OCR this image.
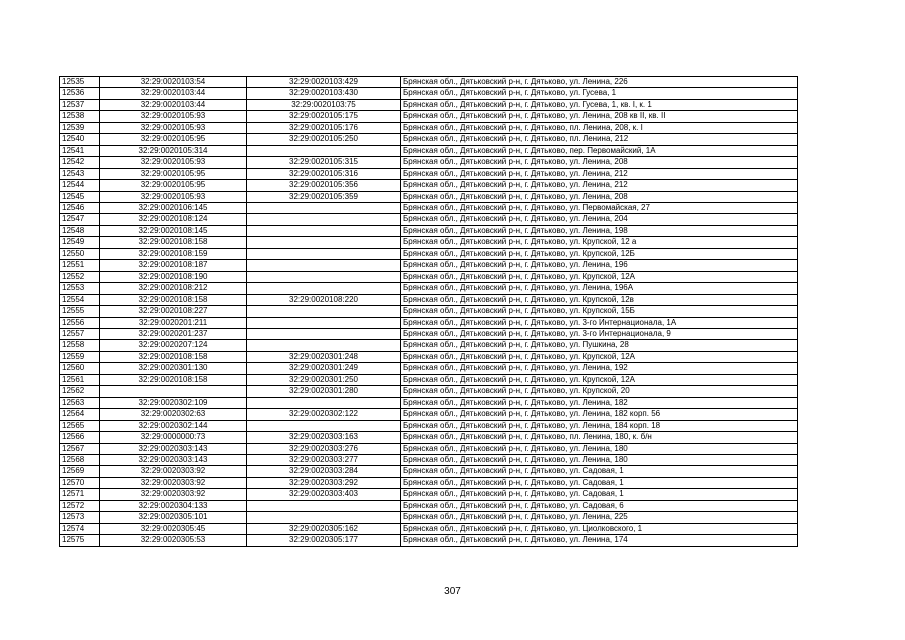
12535	32:29:0020103:54	32:29:0020103:429	Брянская обл., Дятьковский р-н, г. Дятьково, ул. Ленина, 226
12536	32:29:0020103:44	32:29:0020103:430	Брянская обл., Дятьковский р-н, г. Дятьково, ул. Гусева, 1
12537	32:29:0020103:44	32:29:0020103:75	Брянская обл., Дятьковский р-н, г. Дятьково, ул. Гусева, 1, кв. I, к. 1
12538	32:29:0020105:93	32:29:0020105:175	Брянская обл., Дятьковский р-н, г. Дятьково, ул. Ленина, 208 кв II, кв. II
12539	32:29:0020105:93	32:29:0020105:176	Брянская обл., Дятьковский р-н, г. Дятьково, пл. Ленина, 208, к. I
12540	32:29:0020105:95	32:29:0020105:250	Брянская обл., Дятьковский р-н, г. Дятьково, пл. Ленина, 212
12541	32:29:0020105:314		Брянская обл., Дятьковский р-н, г. Дятьково, пер. Первомайский, 1А
12542	32:29:0020105:93	32:29:0020105:315	Брянская обл., Дятьковский р-н, г. Дятьково, ул. Ленина, 208
12543	32:29:0020105:95	32:29:0020105:316	Брянская обл., Дятьковский р-н, г. Дятьково, ул. Ленина, 212
12544	32:29:0020105:95	32:29:0020105:356	Брянская обл., Дятьковский р-н, г. Дятьково, ул. Ленина, 212
12545	32:29:0020105:93	32:29:0020105:359	Брянская обл., Дятьковский р-н, г. Дятьково, ул. Ленина, 208
12546	32:29:0020106:145		Брянская обл., Дятьковский р-н, г. Дятьково, ул. Первомайская, 27
12547	32:29:0020108:124		Брянская обл., Дятьковский р-н, г. Дятьково, ул. Ленина, 204
12548	32:29:0020108:145		Брянская обл., Дятьковский р-н, г. Дятьково, ул. Ленина, 198
12549	32:29:0020108:158		Брянская обл., Дятьковский р-н, г. Дятьково, ул. Крупской, 12 а
12550	32:29:0020108:159		Брянская обл., Дятьковский р-н, г. Дятьково, ул. Крупской, 12Б
12551	32:29:0020108:187		Брянская обл., Дятьковский р-н, г. Дятьково, ул. Ленина, 196
12552	32:29:0020108:190		Брянская обл., Дятьковский р-н, г. Дятьково, ул. Крупской, 12А
12553	32:29:0020108:212		Брянская обл., Дятьковский р-н, г. Дятьково, ул. Ленина, 196А
12554	32:29:0020108:158	32:29:0020108:220	Брянская обл., Дятьковский р-н, г. Дятьково, ул. Крупской, 12в
12555	32:29:0020108:227		Брянская обл., Дятьковский р-н, г. Дятьково, ул. Крупской, 15Б
12556	32:29:0020201:211		Брянская обл., Дятьковский р-н, г. Дятьково, ул. 3-го Интернационала, 1А
12557	32:29:0020201:237		Брянская обл., Дятьковский р-н, г. Дятьково, ул. 3-го Интернационала, 9
12558	32:29:0020207:124		Брянская обл., Дятьковский р-н, г. Дятьково, ул. Пушкина, 28
12559	32:29:0020108:158	32:29:0020301:248	Брянская обл., Дятьковский р-н, г. Дятьково, ул. Крупской, 12А
12560	32:29:0020301:130	32:29:0020301:249	Брянская обл., Дятьковский р-н, г. Дятьково, ул. Ленина, 192
12561	32:29:0020108:158	32:29:0020301:250	Брянская обл., Дятьковский р-н, г. Дятьково, ул. Крупской, 12А
12562		32:29:0020301:280	Брянская обл., Дятьковский р-н, г. Дятьково, ул. Крупской, 20
12563	32:29:0020302:109		Брянская обл., Дятьковский р-н, г. Дятьково, ул. Ленина, 182
12564	32:29:0020302:63	32:29:0020302:122	Брянская обл., Дятьковский р-н, г. Дятьково, ул. Ленина, 182 корп. 56
12565	32:29:0020302:144		Брянская обл., Дятьковский р-н, г. Дятьково, ул. Ленина, 184 корп. 18
12566	32:29:0000000:73	32:29:0020303:163	Брянская обл., Дятьковский р-н, г. Дятьково, пл. Ленина, 180, к. б/н
12567	32:29:0020303:143	32:29:0020303:276	Брянская обл., Дятьковский р-н, г. Дятьково, ул. Ленина, 180
12568	32:29:0020303:143	32:29:0020303:277	Брянская обл., Дятьковский р-н, г. Дятьково, ул. Ленина, 180
12569	32:29:0020303:92	32:29:0020303:284	Брянская обл., Дятьковский р-н, г. Дятьково, ул. Садовая, 1
12570	32:29:0020303:92	32:29:0020303:292	Брянская обл., Дятьковский р-н, г. Дятьково, ул. Садовая, 1
12571	32:29:0020303:92	32:29:0020303:403	Брянская обл., Дятьковский р-н, г. Дятьково, ул. Садовая, 1
12572	32:29:0020304:133		Брянская обл., Дятьковский р-н, г. Дятьково, ул. Садовая, 6
12573	32:29:0020305:101		Брянская обл., Дятьковский р-н, г. Дятьково, ул. Ленина, 225
12574	32:29:0020305:45	32:29:0020305:162	Брянская обл., Дятьковский р-н, г. Дятьково, ул. Циолковского, 1
12575	32:29:0020305:53	32:29:0020305:177	Брянская обл., Дятьковский р-н, г. Дятьково, ул. Ленина, 174
307
